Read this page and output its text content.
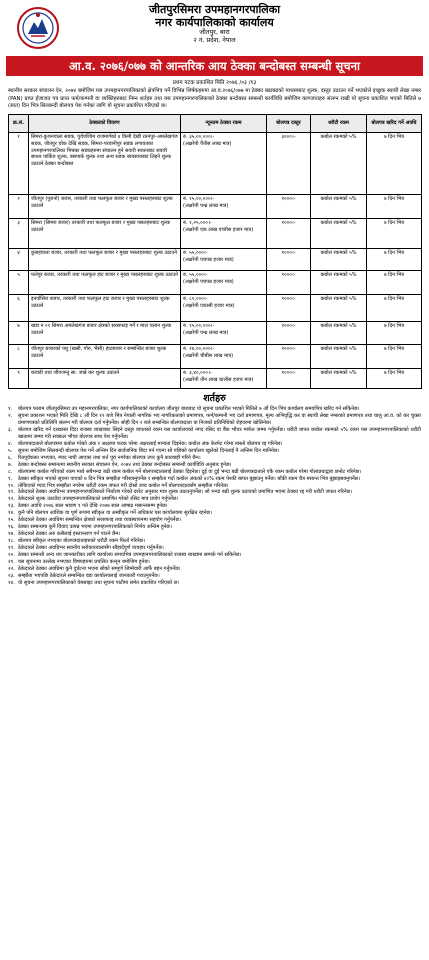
जीतपुरसिमरा उपमहानगरपालिका
नगर कार्यपालिकाको कार्यालय
जीतपुर, बारा
२ नं. प्रदेश, नेपाल
आ.व. २०७६/०७७ को आन्तरिक आय ठेक्का बन्दोबस्त सम्बन्धी सूचना
प्रथम पटक प्रकाशित मिति २०७६ /०३ /१३
स्थानीय सरकार संचालन ऐन, २०७४ बमोजिम यस उपमहानगरपालिकाको क्षेत्रभित्र पर्ने विभिन्न शिर्षकहरुमा आ.व.२०७६/०७७ मा ठेक्का बढाबढको माध्यमबाट शुल्क, दस्तुर उठाउन पर्ने भएकोले इच्छुक स्थायी लेखा नम्बर (PAN) प्राप्त ईजाजत पत्र प्राप्त फर्म/कम्पनी वा व्यक्तिहरुबाट निम्न शर्तहरु तथा यस उपमहानगरपालिकाको ठेक्का बन्दोबस्त सम्बन्धी कार्यविधि बमोजिम कागजातहरु संलग्न राखी यो सूचना प्रकाशित भएको मितिले ७ (सात) दिन भित्र सिलबन्दी बोलपत्र पेश गर्नका लागि यो सूचना प्रकाशित गरिएको छ।
क्र.सं.	ठेक्काको विवरण	न्यूनतम ठेक्का रकम	बोलपत्र दस्तुर	धरौटी रकम	बोलपत्र खरिद गर्ने अवधि
१	सिमरा-कुशनवाला सडक, पुर्वपश्चिम राजमार्गको ४ किमी देखी रतनपुर-अमलेखगंज सडक, जीतपुर चोक देखि सडक, सिमरा-परवानीपुर सडक लगायतका उपमहानगरपालिका भित्रका सडकहरुमा संचालन हुने सवारी साधनबाट सवारी साधन पार्किङ शुल्क, बसपार्क शुल्क तथा अन्य सडक ब्यवसायबाट लिइने शुल्क उठाउने ठेक्का बन्दोबस्त	रु. ३५,००,०००।-
(अक्षरेपी पैंतीस लाख मात्र)	३०००।-	कबोल रकमको ५%	७ दिन भित्र
२	जीतपुर (पुरानो) बजार, तरकारी तथा फलफूल बजार र मुख्य पसलहरुबाट शुल्क उठाउने	रु. १५,००,०००।-
(अक्षरेपी पन्ध्र लाख मात्र)	२०००।-	कबोल रकमको ५%	७ दिन भित्र
३	सिमरा (सिमरा बजार) तरकारी तथा फलफूल बजार र मुख्य पसलहरुबाट शुल्क उठाउने	रु. १,२५,०००।-
(अक्षरेपी एक लाख पच्चीस हजार मात्र)	१०००।-	कबोल रकमको ५%	७ दिन भित्र
४	कुसहवाला बजार, तरकारी तथा फलफूल बजार र मुख्य पसलहरुबाट शुल्क उठाउने	रु. ५५,०००।-
(अक्षरेपी पचपन्न हजार मात्र)	१०००।-	कबोल रकमको ५%	७ दिन भित्र
५	फतेपुर बजार, तरकारी तथा फलफूल हाट बजार र मुख्य पसलहरुबाट शुल्क उठाउने	रु. ५५,०००।-
(अक्षरेपी पचपन्न हजार मात्र)	१०००।-	कबोल रकमको ५%	७ दिन भित्र
६	इनर्वासिरा बजार, तरकारी तथा फलफूल हाट बजार र मुख्य पसलहरुबाट शुल्क उठाउने	रु. ८१,०००।-
(अक्षरेपी एकासी हजार मात्र)	१०००।-	कबोल रकमको ५%	७ दिन भित्र
७	खडा न ०१ सिमरा अमलेखगंज बजार क्षेत्रको सरसफाइ गर्ने र माल चलान शुल्क उठाउने	रु. १५,००,०००।-
(अक्षरेपी पन्ध्र लाख मात्र)	२०००।-	कबोल रकमको ५%	७ दिन भित्र
८	जीतपुर बजारको पशु (खसी, गोरु, भैंसी) हाटबजार र सम्बन्धित बजार शुल्क उठाउने	रु. २४,००,०००।-
(अक्षरेपी चौबीस लाख मात्र)	२०००।-	कबोल रकमको ५%	७ दिन भित्र
९	कवाडी तथा जीवजन्तु सा. जान्ने कर शुल्क उठाउने	रु. ३,४०,०००।-
(अक्षरेपी तीन लाख चालीस हजार मात्र)	१०००।-	कबोल रकमको ५%	७ दिन भित्र
शर्तहरु
१.	बोलपत्र फाराम जीतपुरसिमरा उप महानगरपालिका, नगर कार्यपालिकाको कार्यालय जीतपुर बाराबाट यो सूचना प्रकाशित भएको मितिले ७ औं दिन भित्र कार्यालय समयभित्र खरिद गर्न सकिनेछ।
२.	सूचना प्रकाशन भएको मिति देखि ८ औं दिन १२ बजे भित्र नेपाली नागरिक भए नागरिकताको प्रमाणपत्र, फर्म/कम्पनी भए दर्ता प्रमाणपत्र, मूल्य अभिवृद्धि कर वा स्थायी लेखा नम्बरको प्रमाणपत्र तथा चालु आ.व. को कर चुक्ता प्रमाणपत्रको प्रतिलिपि संलग्न गरी बोलपत्र दर्ता गर्नुपर्नेछ। सोही दिन २ बजे सम्बन्धित बोलपत्रदाता वा निजको प्रतिनिधिको रोहवरमा खोलिनेछ।
३.	बोलपत्र खरिद गर्न दरखास्त दिंदा राजस्व शाखाबाट लिइने दस्तुर वापतको रकम यस कार्यालयको नगद रसिद वा बैंक भौचर मार्फत जम्मा गर्नुपर्नेछ। धरौटी बापत कबोल रकमको ५% रकम यस उपमहानगरपालिकाको धरौटी खातामा जम्मा गरी सक्कल भौचर बोलपत्र साथ पेश गर्नुपर्नेछ।
४.	बोलपत्रदाताले बोलपत्रमा कबोल गरेको अंक र अक्षरमा फरक परेमा अक्षरलाई मान्यता दिइनेछ। कबोल अंक केरमेट गरेमा त्यस्तो बोलपत्र रद्द गरिनेछ।
५.	सूचना बमोजिम सिलबन्दी बोलपत्र पेश गर्ने अन्तिम दिन सार्वजनिक बिदा पर्न गएमा सो पछिको कार्यालय खुलेको दिनलाई नै अन्तिम दिन मानिनेछ।
६.	रितपूर्वकका नभएका, म्याद नाघी आएका तथा शर्त पूरा नगरेका बोलपत्र उपर कुनै कारबाही गरिने छैन।
७.	ठेक्का बन्दोबस्त सम्बन्धमा स्थानीय सरकार संचालन ऐन, २०७४ तथा ठेक्का बन्दोबस्त सम्बन्धी कार्यविधि अनुसार हुनेछ।
८.	बोलपत्रमा कबोल गरिएको रकम मध्ये सबैभन्दा बढी रकम कबोल गर्ने बोलपत्रदातालाई ठेक्का दिइनेछ। दुई वा दुई भन्दा बढी बोलपत्रदाताले एकै रकम कबोल गरेमा गोलाप्रथाद्वारा छनोट गरिनेछ।
९.	ठेक्का स्वीकृत भएको सूचना पाएको ७ दिन भित्र सम्झौता गरिसक्नुपर्नेछ र सम्झौता गर्दा कबोल अंकको ४०% रकम पेश्की बापत बुझाउनु पर्नेछ। बाँकी रकम चैत्र मसान्त भित्र बुझाइसक्नुपर्नेछ।
१०. तोकिएको म्याद भित्र सम्झौता नगरेमा धरौटी रकम जफत गरी दोस्रो उच्च कबोल गर्ने बोलपत्रदातासँग सम्झौता गरिनेछ।
११. ठेकेदारले ठेक्का अवधिभर उपमहानगरपालिकाले निर्धारण गरेको दररेट अनुसार मात्र शुल्क उठाउनुपर्नेछ। सो भन्दा बढी शुल्क उठाएको प्रमाणित भएमा ठेक्का रद्द गरी धरौटी जफत गरिनेछ।
१२. ठेकेदारले शुल्क उठाउँदा उपमहानगरपालिकाले प्रमाणित गरेको रसिद मात्र प्रयोग गर्नुपर्नेछ।
१३. ठेक्का अवधि २०७६ साल श्रावण १ गते देखि २०७७ साल आषाढ मसान्तसम्म हुनेछ।
१४. कुनै पनि बोलपत्र आंशिक वा पूर्ण रूपमा स्वीकृत वा अस्वीकृत गर्ने अधिकार यस कार्यालयमा सुरक्षित रहनेछ।
१५. ठेकेदारले ठेक्का अवधिमा सम्बन्धित क्षेत्रको सरसफाइ तथा व्यवस्थापनमा सहयोग गर्नुपर्नेछ।
१६. ठेक्का सम्बन्धमा कुनै विवाद उत्पन्न भएमा उपमहानगरपालिकाको निर्णय अन्तिम हुनेछ।
१७. ठेकेदारले ठेक्का अरु कसैलाई हस्तान्तरण गर्न पाउने छैन।
१८. बोलपत्र स्वीकृत नभएका बोलपत्रदाताहरुको धरौटी रकम फिर्ता गरिनेछ।
१९. ठेकेदारले ठेक्का अवधिभर स्थानीय सरोकारवालासँग सौहार्दपूर्ण व्यवहार गर्नुपर्नेछ।
२०. ठेक्का सम्बन्धी अन्य थप जानकारीका लागि कार्यालय समयभित्र उपमहानगरपालिकाको राजस्व शाखामा सम्पर्क गर्न सकिनेछ।
२१. यस सूचनामा उल्लेख नभएका विषयहरुमा प्रचलित कानून बमोजिम हुनेछ।
२२. ठेकेदारले ठेक्का अवधिमा कुनै दुर्घटना भएमा सोको सम्पूर्ण जिम्मेवारी आफैं बहन गर्नुपर्नेछ।
२३. सम्झौता भएपछि ठेकेदारले सम्बन्धित वडा कार्यालयलाई जानकारी गराउनुपर्नेछ।
२४. यो सूचना उपमहानगरपालिकाको वेबसाइट तथा सूचना पाटीमा समेत प्रकाशित गरिएको छ।
